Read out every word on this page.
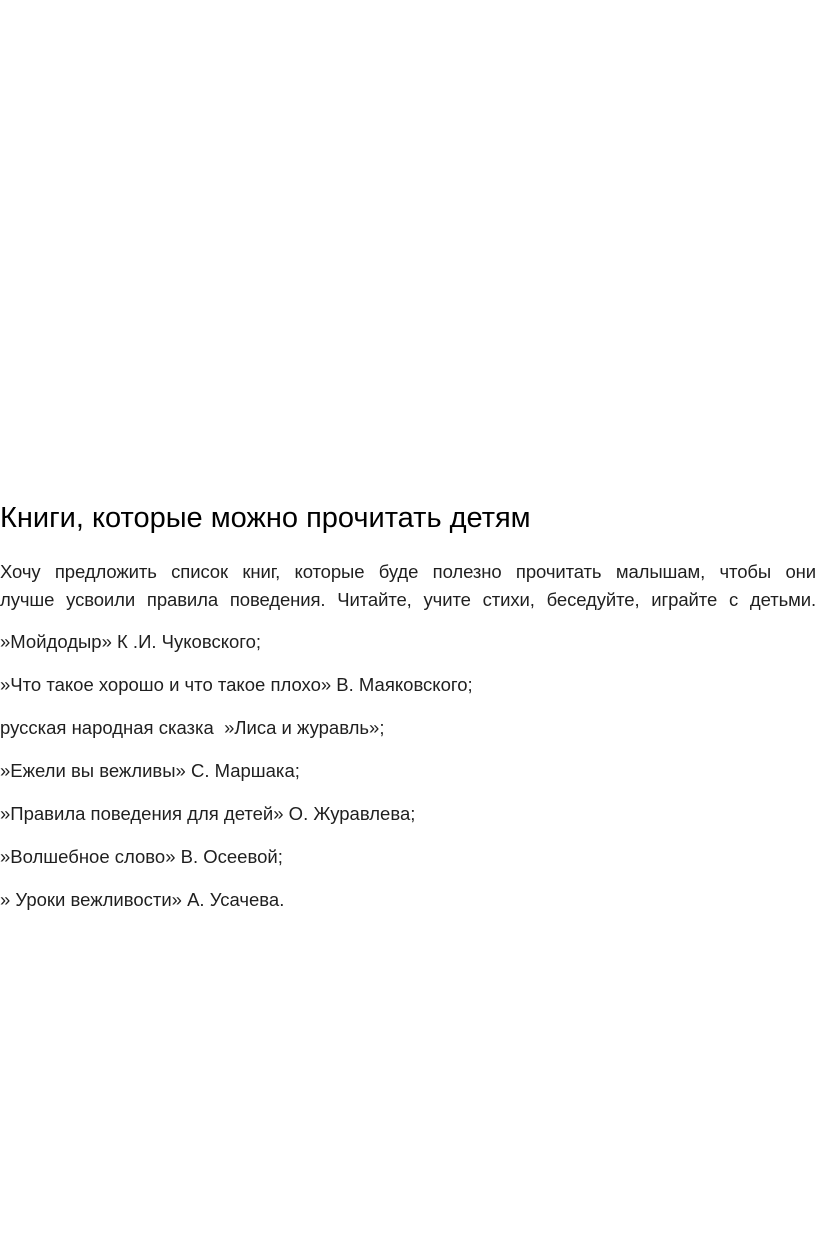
Книги, которые можно прочитать детям

Хочу предложить список книг, которые буде полезно прочитать малышам, чтобы они
лучше усвоили правила поведения. Читайте, учите стихи, беседуйте, играйте с детьми.

»Мойдодыр» К .И. Чуковского;
»Что такое хорошо и что такое плохо» В. Маяковского;
русская народная сказка  »Лиса и журавль»;
»Ежели вы вежливы» С. Маршака;
»Правила поведения для детей» О. Журавлева;
»Волшебное слово» В. Осеевой;
» Уроки вежливости» А. Усачева.
